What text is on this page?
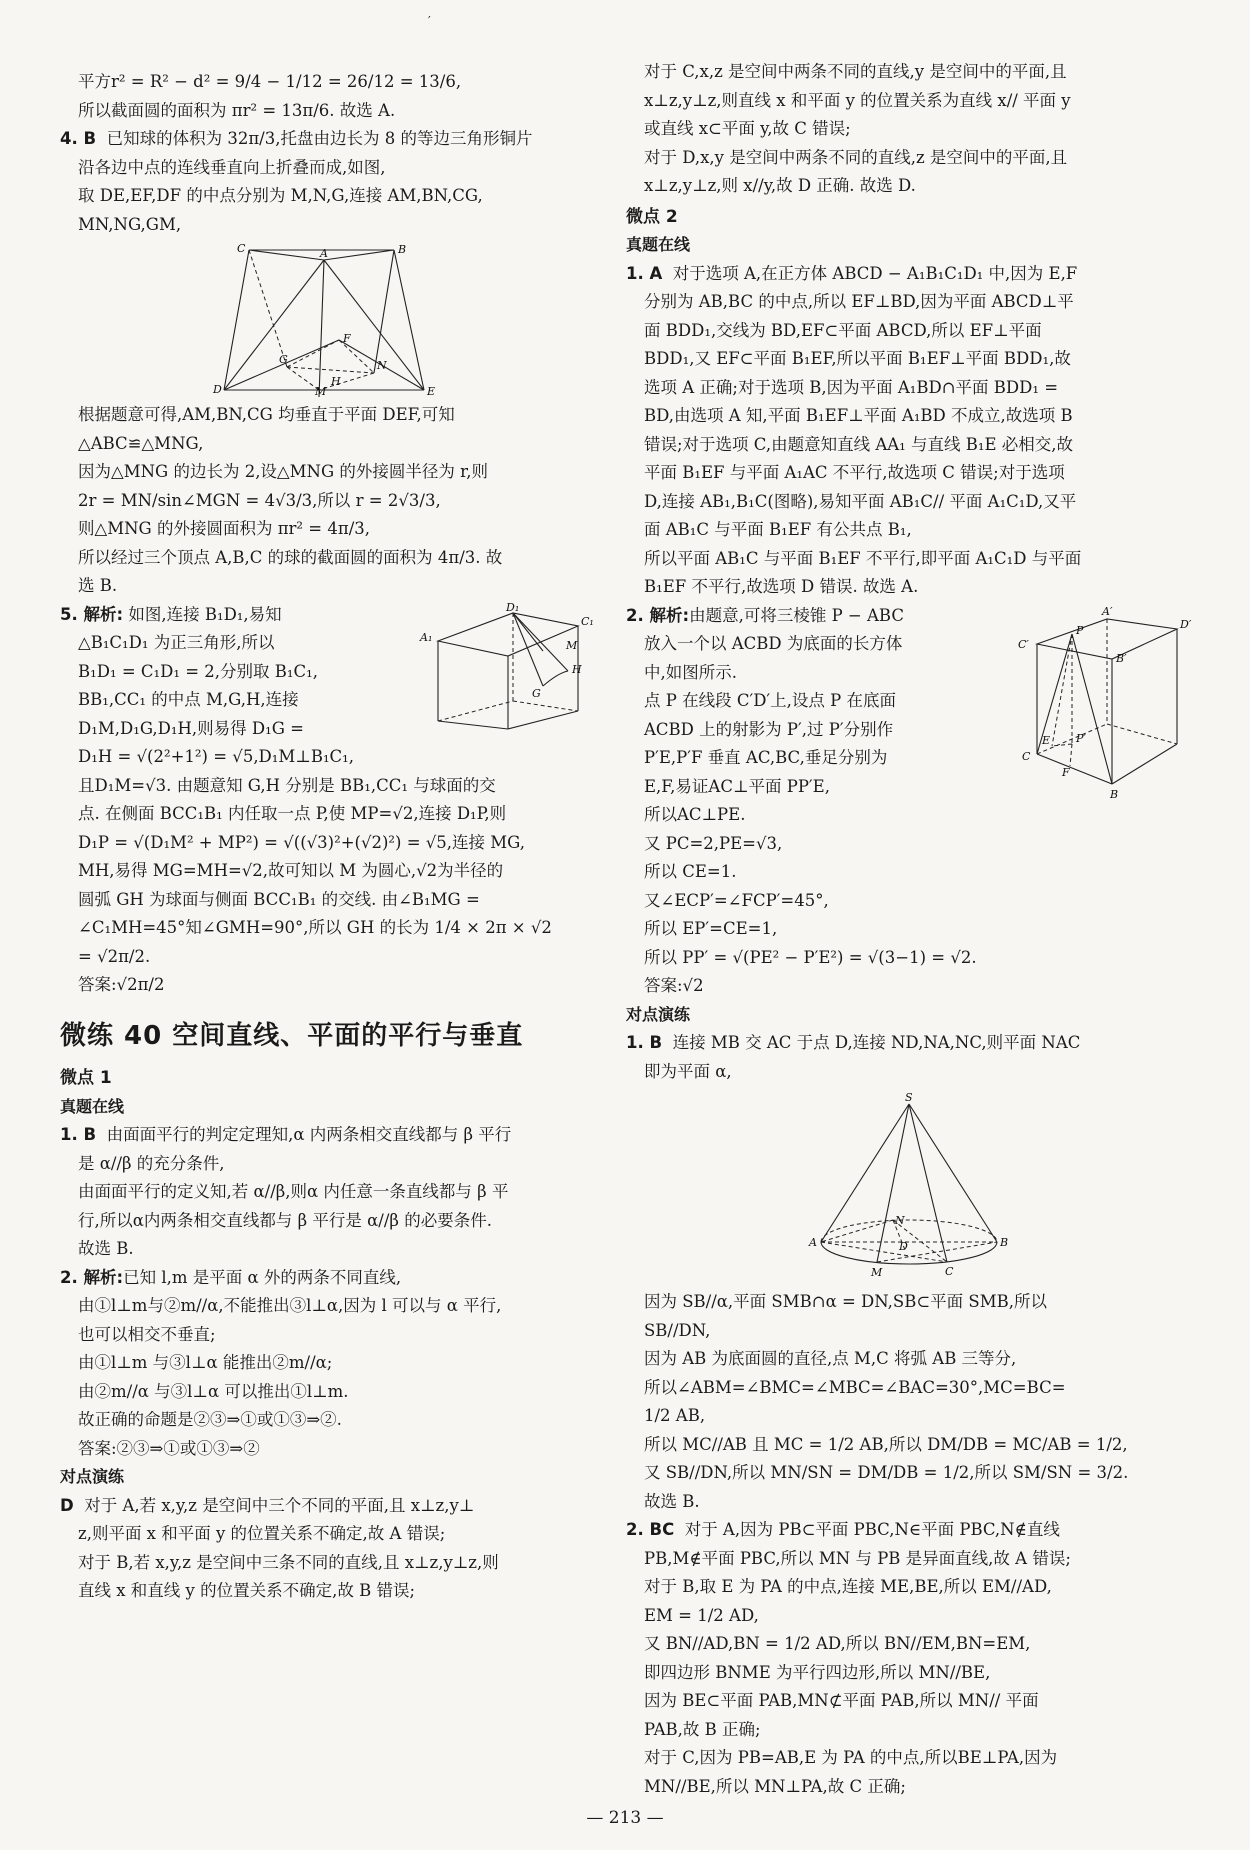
′

平方r² = R² − d² = 9/4 − 1/12 = 26/12 = 13/6,

所以截面圆的面积为 πr² = 13π/6. 故选 A.

4. B 已知球的体积为 32π/3,托盘由边长为 8 的等边三角形铜片

沿各边中点的连线垂直向上折叠而成,如图,

取 DE,EF,DF 的中点分别为 M,N,G,连接 AM,BN,CG,

MN,NG,GM,

C	A	B
F
G	N
D
H
M	E

根据题意可得,AM,BN,CG 均垂直于平面 DEF,可知

△ABC≌△MNG,

因为△MNG 的边长为 2,设△MNG 的外接圆半径为 r,则

2r = MN/sin∠MGN = 4√3/3,所以 r = 2√3/3,

则△MNG 的外接圆面积为 πr² = 4π/3,

所以经过三个顶点 A,B,C 的球的截面圆的面积为 4π/3. 故

选 B.

D₁
C₁
A₁
M
H
G

5. 解析: 如图,连接 B₁D₁,易知

△B₁C₁D₁ 为正三角形,所以

B₁D₁ = C₁D₁ = 2,分别取 B₁C₁,

BB₁,CC₁ 的中点 M,G,H,连接

D₁M,D₁G,D₁H,则易得 D₁G =

D₁H = √(2²+1²) = √5,D₁M⊥B₁C₁,

且D₁M=√3. 由题意知 G,H 分别是 BB₁,CC₁ 与球面的交

点. 在侧面 BCC₁B₁ 内任取一点 P,使 MP=√2,连接 D₁P,则

D₁P = √(D₁M² + MP²) = √((√3)²+(√2)²) = √5,连接 MG,

MH,易得 MG=MH=√2,故可知以 M 为圆心,√2为半径的

圆弧 GH 为球面与侧面 BCC₁B₁ 的交线. 由∠B₁MG =

∠C₁MH=45°知∠GMH=90°,所以 GH 的长为 1/4 × 2π × √2

= √2π/2.

答案:√2π/2

微练 40 空间直线、平面的平行与垂直

微点 1

真题在线

1. B 由面面平行的判定定理知,α 内两条相交直线都与 β 平行

是 α//β 的充分条件,

由面面平行的定义知,若 α//β,则α 内任意一条直线都与 β 平

行,所以α内两条相交直线都与 β 平行是 α//β 的必要条件.

故选 B.

2. 解析:已知 l,m 是平面 α 外的两条不同直线,

由①l⊥m与②m//α,不能推出③l⊥α,因为 l 可以与 α 平行,

也可以相交不垂直;

由①l⊥m 与③l⊥α 能推出②m//α;

由②m//α 与③l⊥α 可以推出①l⊥m.

故正确的命题是②③⇒①或①③⇒②.

答案:②③⇒①或①③⇒②

对点演练

D 对于 A,若 x,y,z 是空间中三个不同的平面,且 x⊥z,y⊥

z,则平面 x 和平面 y 的位置关系不确定,故 A 错误;

对于 B,若 x,y,z 是空间中三条不同的直线,且 x⊥z,y⊥z,则

直线 x 和直线 y 的位置关系不确定,故 B 错误;

对于 C,x,z 是空间中两条不同的直线,y 是空间中的平面,且

x⊥z,y⊥z,则直线 x 和平面 y 的位置关系为直线 x// 平面 y

或直线 x⊂平面 y,故 C 错误;

对于 D,x,y 是空间中两条不同的直线,z 是空间中的平面,且

x⊥z,y⊥z,则 x//y,故 D 正确. 故选 D.

微点 2

真题在线

1. A 对于选项 A,在正方体 ABCD − A₁B₁C₁D₁ 中,因为 E,F

分别为 AB,BC 的中点,所以 EF⊥BD,因为平面 ABCD⊥平

面 BDD₁,交线为 BD,EF⊂平面 ABCD,所以 EF⊥平面

BDD₁,又 EF⊂平面 B₁EF,所以平面 B₁EF⊥平面 BDD₁,故

选项 A 正确;对于选项 B,因为平面 A₁BD∩平面 BDD₁ =

BD,由选项 A 知,平面 B₁EF⊥平面 A₁BD 不成立,故选项 B

错误;对于选项 C,由题意知直线 AA₁ 与直线 B₁E 必相交,故

平面 B₁EF 与平面 A₁AC 不平行,故选项 C 错误;对于选项

D,连接 AB₁,B₁C(图略),易知平面 AB₁C// 平面 A₁C₁D,又平

面 AB₁C 与平面 B₁EF 有公共点 B₁,

所以平面 AB₁C 与平面 B₁EF 不平行,即平面 A₁C₁D 与平面

B₁EF 不平行,故选项 D 错误. 故选 A.

A′
D′
C′
P
B′
E P′
C
F
B

2. 解析:由题意,可将三棱锥 P − ABC

放入一个以 ACBD 为底面的长方体

中,如图所示.

点 P 在线段 C′D′上,设点 P 在底面

ACBD 上的射影为 P′,过 P′分别作

P′E,P′F 垂直 AC,BC,垂足分别为

E,F,易证AC⊥平面 PP′E,

所以AC⊥PE.

又 PC=2,PE=√3,

所以 CE=1.

又∠ECP′=∠FCP′=45°,

所以 EP′=CE=1,

所以 PP′ = √(PE² − P′E²) = √(3−1) = √2.

答案:√2

对点演练

1. B 连接 MB 交 AC 于点 D,连接 ND,NA,NC,则平面 NAC

即为平面 α,

S
N
A	D	B
M	C

因为 SB//α,平面 SMB∩α = DN,SB⊂平面 SMB,所以

SB//DN,

因为 AB 为底面圆的直径,点 M,C 将弧 AB 三等分,

所以∠ABM=∠BMC=∠MBC=∠BAC=30°,MC=BC=

1/2 AB,

所以 MC//AB 且 MC = 1/2 AB,所以 DM/DB = MC/AB = 1/2,

又 SB//DN,所以 MN/SN = DM/DB = 1/2,所以 SM/SN = 3/2.

故选 B.

2. BC 对于 A,因为 PB⊂平面 PBC,N∈平面 PBC,N∉直线

PB,M∉平面 PBC,所以 MN 与 PB 是异面直线,故 A 错误;

对于 B,取 E 为 PA 的中点,连接 ME,BE,所以 EM//AD,

EM = 1/2 AD,

又 BN//AD,BN = 1/2 AD,所以 BN//EM,BN=EM,

即四边形 BNME 为平行四边形,所以 MN//BE,

因为 BE⊂平面 PAB,MN⊄平面 PAB,所以 MN// 平面

PAB,故 B 正确;

对于 C,因为 PB=AB,E 为 PA 的中点,所以BE⊥PA,因为

MN//BE,所以 MN⊥PA,故 C 正确;

— 213 —
